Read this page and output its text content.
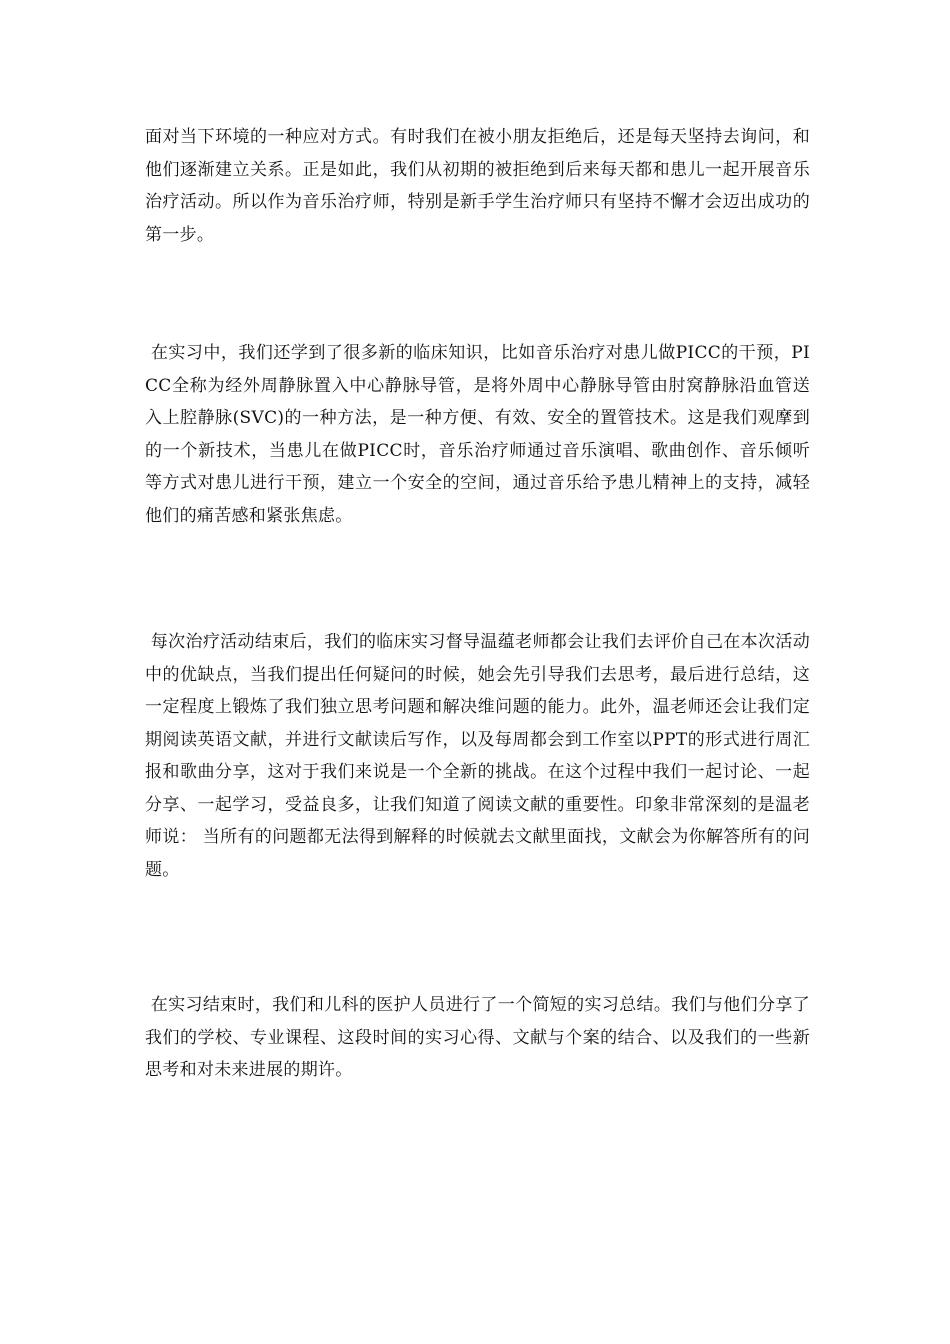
面对当下环境的一种应对方式。有时我们在被小朋友拒绝后，还是每天坚持去询问，和他们逐渐建立关系。正是如此，我们从初期的被拒绝到后来每天都和患儿一起开展音乐治疗活动。所以作为音乐治疗师，特别是新手学生治疗师只有坚持不懈才会迈出成功的第一步。

在实习中，我们还学到了很多新的临床知识，比如音乐治疗对患儿做PICC的干预，PICC全称为经外周静脉置入中心静脉导管，是将外周中心静脉导管由肘窝静脉沿血管送入上腔静脉(SVC)的一种方法，是一种方便、有效、安全的置管技术。这是我们观摩到的一个新技术，当患儿在做PICC时，音乐治疗师通过音乐演唱、歌曲创作、音乐倾听等方式对患儿进行干预，建立一个安全的空间，通过音乐给予患儿精神上的支持，减轻他们的痛苦感和紧张焦虑。

每次治疗活动结束后，我们的临床实习督导温蕴老师都会让我们去评价自己在本次活动中的优缺点，当我们提出任何疑问的时候，她会先引导我们去思考，最后进行总结，这一定程度上锻炼了我们独立思考问题和解决维问题的能力。此外，温老师还会让我们定期阅读英语文献，并进行文献读后写作，以及每周都会到工作室以PPT的形式进行周汇报和歌曲分享，这对于我们来说是一个全新的挑战。在这个过程中我们一起讨论、一起分享、一起学习，受益良多，让我们知道了阅读文献的重要性。印象非常深刻的是温老师说： 当所有的问题都无法得到解释的时候就去文献里面找，文献会为你解答所有的问题。

在实习结束时，我们和儿科的医护人员进行了一个简短的实习总结。我们与他们分享了我们的学校、专业课程、这段时间的实习心得、文献与个案的结合、以及我们的一些新思考和对未来进展的期许。
